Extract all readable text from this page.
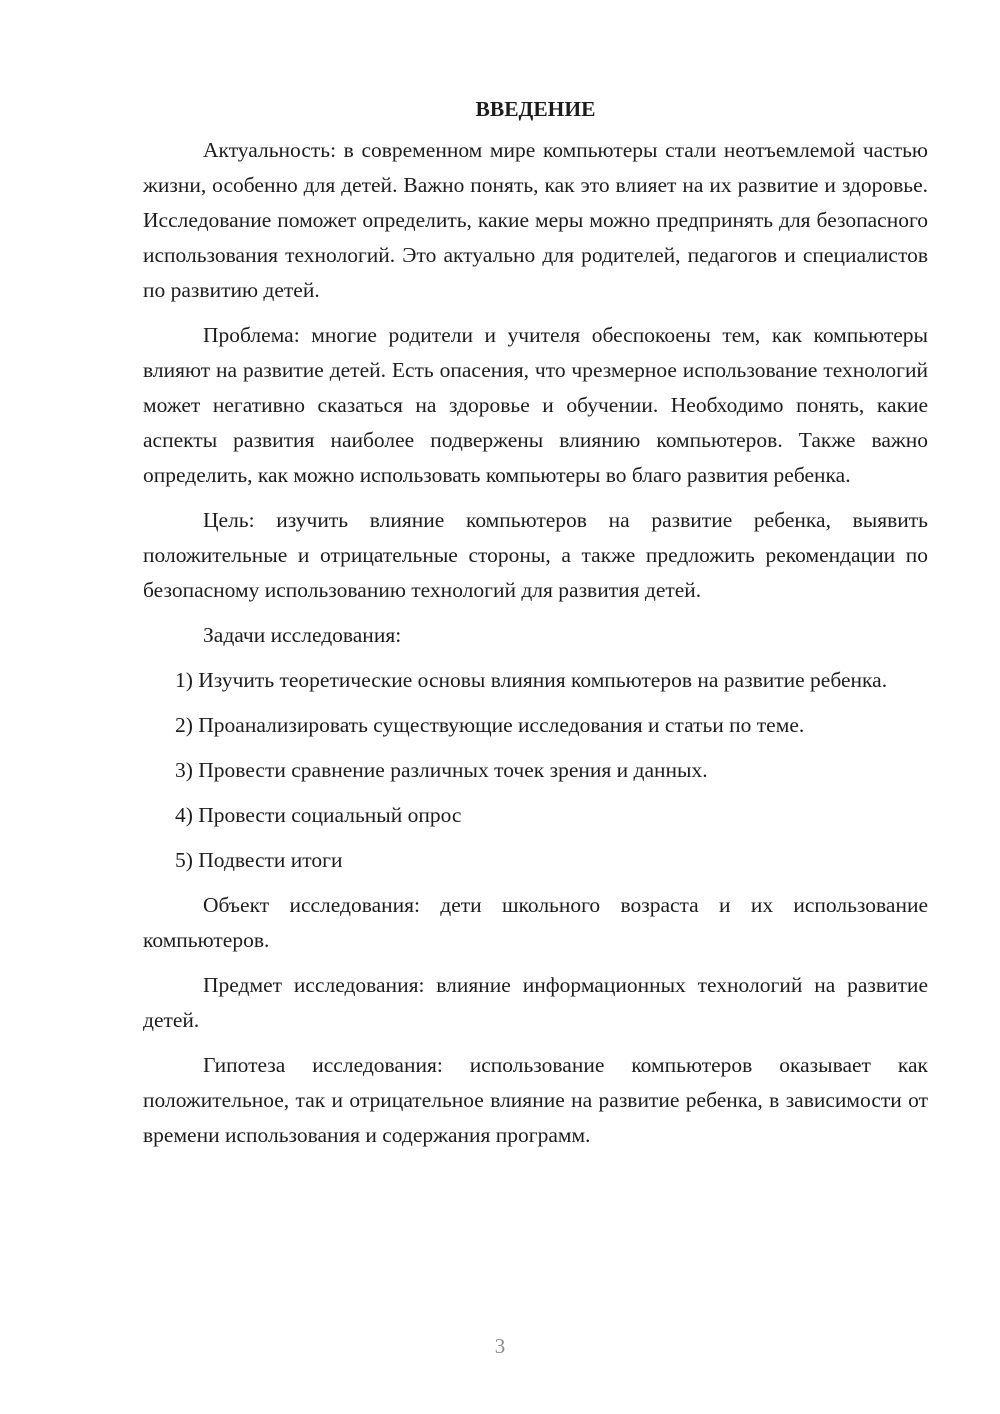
ВВЕДЕНИЕ

Актуальность: в современном мире компьютеры стали неотъемлемой частью жизни, особенно для детей. Важно понять, как это влияет на их развитие и здоровье. Исследование поможет определить, какие меры можно предпринять для безопасного использования технологий. Это актуально для родителей, педагогов и специалистов по развитию детей.

Проблема: многие родители и учителя обеспокоены тем, как компьютеры влияют на развитие детей. Есть опасения, что чрезмерное использование технологий может негативно сказаться на здоровье и обучении. Необходимо понять, какие аспекты развития наиболее подвержены влиянию компьютеров. Также важно определить, как можно использовать компьютеры во благо развития ребенка.

Цель: изучить влияние компьютеров на развитие ребенка, выявить положительные и отрицательные стороны, а также предложить рекомендации по безопасному использованию технологий для развития детей.

Задачи исследования:

1) Изучить теоретические основы влияния компьютеров на развитие ребенка.

2) Проанализировать существующие исследования и статьи по теме.

3) Провести сравнение различных точек зрения и данных.

4) Провести социальный опрос

5) Подвести итоги

Объект исследования: дети школьного возраста и их использование компьютеров.

Предмет исследования: влияние информационных технологий на развитие детей.

Гипотеза исследования: использование компьютеров оказывает как положительное, так и отрицательное влияние на развитие ребенка, в зависимости от времени использования и содержания программ.

3
